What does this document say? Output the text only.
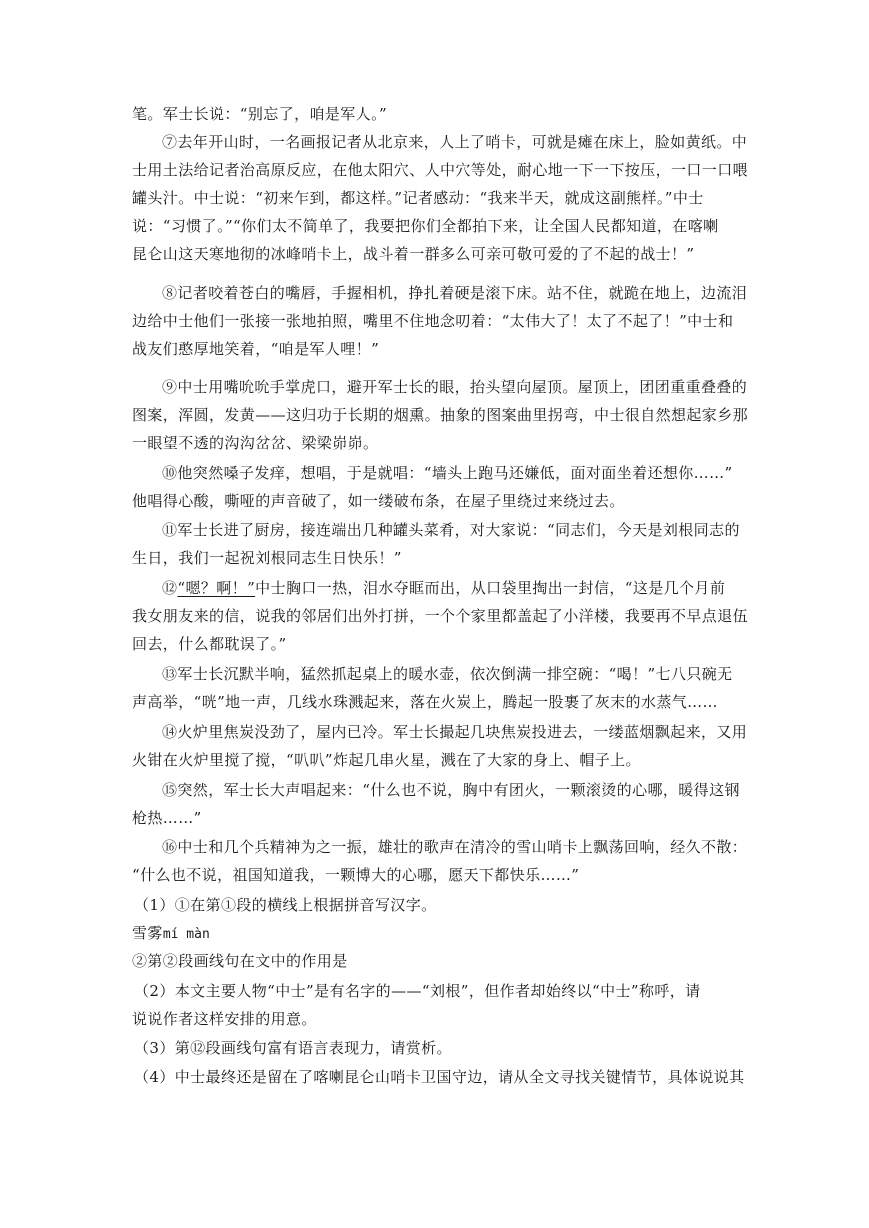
笔。军士长说：“别忘了，咱是军人。”
⑦去年开山时，一名画报记者从北京来，人上了哨卡，可就是瘫在床上，脸如黄纸。中
士用土法给记者治高原反应，在他太阳穴、人中穴等处，耐心地一下一下按压，一口一口喂
罐头汁。中士说：“初来乍到，都这样。”记者感动：“我来半天，就成这副熊样。”中士
说：“习惯了。”“你们太不简单了，我要把你们全都拍下来，让全国人民都知道，在喀喇
昆仑山这天寒地彻的冰峰哨卡上，战斗着一群多么可亲可敬可爱的了不起的战士！”
⑧记者咬着苍白的嘴唇，手握相机，挣扎着硬是滚下床。站不住，就跪在地上，边流泪
边给中士他们一张接一张地拍照，嘴里不住地念叨着：“太伟大了！太了不起了！”中士和
战友们憨厚地笑着，“咱是军人哩！”
⑨中士用嘴吮吮手掌虎口，避开军士长的眼，抬头望向屋顶。屋顶上，团团重重叠叠的
图案，浑圆，发黄——这归功于长期的烟熏。抽象的图案曲里拐弯，中士很自然想起家乡那
一眼望不透的沟沟岔岔、梁梁峁峁。
⑩他突然嗓子发痒，想唱，于是就唱：“墙头上跑马还嫌低，面对面坐着还想你……”
他唱得心酸，嘶哑的声音破了，如一缕破布条，在屋子里绕过来绕过去。
⑪军士长进了厨房，接连端出几种罐头菜肴，对大家说：“同志们，今天是刘根同志的
生日，我们一起祝刘根同志生日快乐！”
⑫“嗯？啊！”中士胸口一热，泪水夺眶而出，从口袋里掏出一封信，“这是几个月前
我女朋友来的信，说我的邻居们出外打拼，一个个家里都盖起了小洋楼，我要再不早点退伍
回去，什么都耽误了。”
⑬军士长沉默半响，猛然抓起桌上的暖水壶，依次倒满一排空碗：“喝！”七八只碗无
声高举，“咣”地一声，几线水珠溅起来，落在火炭上，腾起一股裹了灰末的水蒸气……
⑭火炉里焦炭没劲了，屋内已冷。军士长撮起几块焦炭投进去，一缕蓝烟飘起来，又用
火钳在火炉里搅了搅，“叭叭”炸起几串火星，溅在了大家的身上、帽子上。
⑮突然，军士长大声唱起来：“什么也不说，胸中有团火，一颗滚烫的心哪，暖得这钢
枪热……”
⑯中士和几个兵精神为之一振，雄壮的歌声在清冷的雪山哨卡上飘荡回响，经久不散：
“什么也不说，祖国知道我，一颗博大的心哪，愿天下都快乐……”
（1）①在第①段的横线上根据拼音写汉字。
雪雾mí màn
②第②段画线句在文中的作用是
（2）本文主要人物“中士”是有名字的——“刘根”，但作者却始终以“中士”称呼，请
说说作者这样安排的用意。
（3）第⑫段画线句富有语言表现力，请赏析。
（4）中士最终还是留在了喀喇昆仑山哨卡卫国守边，请从全文寻找关键情节，具体说说其
